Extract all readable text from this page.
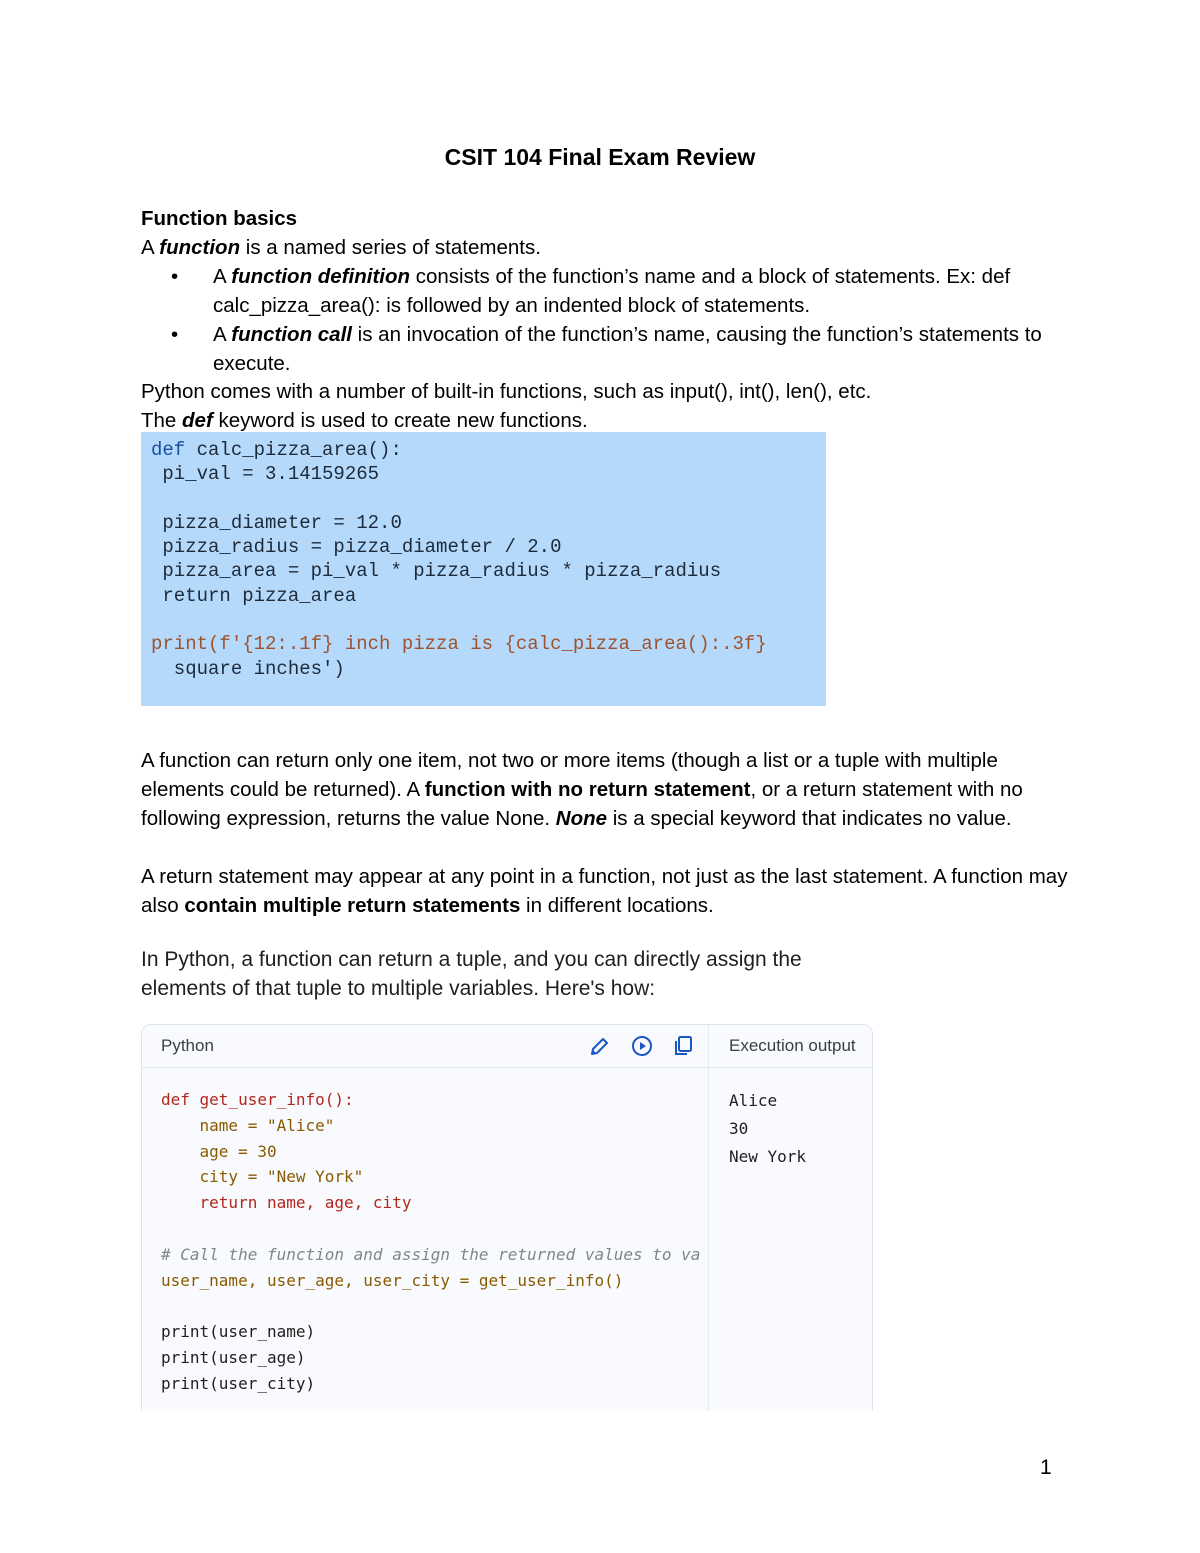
CSIT 104 Final Exam Review
Function basics
A function is a named series of statements.
• A function definition consists of the function’s name and a block of statements. Ex: def calc_pizza_area(): is followed by an indented block of statements.
• A function call is an invocation of the function’s name, causing the function’s statements to execute.
Python comes with a number of built-in functions, such as input(), int(), len(), etc.
The def keyword is used to create new functions.
def calc_pizza_area():
pi_val = 3.14159265

pizza_diameter = 12.0
pizza_radius = pizza_diameter / 2.0
pizza_area = pi_val * pizza_radius * pizza_radius
return pizza_area

print(f'{12:.1f} inch pizza is {calc_pizza_area():.3f}
square inches')
A function can return only one item, not two or more items (though a list or a tuple with multiple elements could be returned). A function with no return statement, or a return statement with no following expression, returns the value None. None is a special keyword that indicates no value.
A return statement may appear at any point in a function, not just as the last statement. A function may also contain multiple return statements in different locations.
In Python, a function can return a tuple, and you can directly assign the elements of that tuple to multiple variables. Here's how:
Python
def get_user_info():
name = "Alice"
age = 30
city = "New York"
return name, age, city

# Call the function and assign the returned values to va
user_name, user_age, user_city = get_user_info()

print(user_name)
print(user_age)
print(user_city)
Execution output
Alice
30
New York
1
